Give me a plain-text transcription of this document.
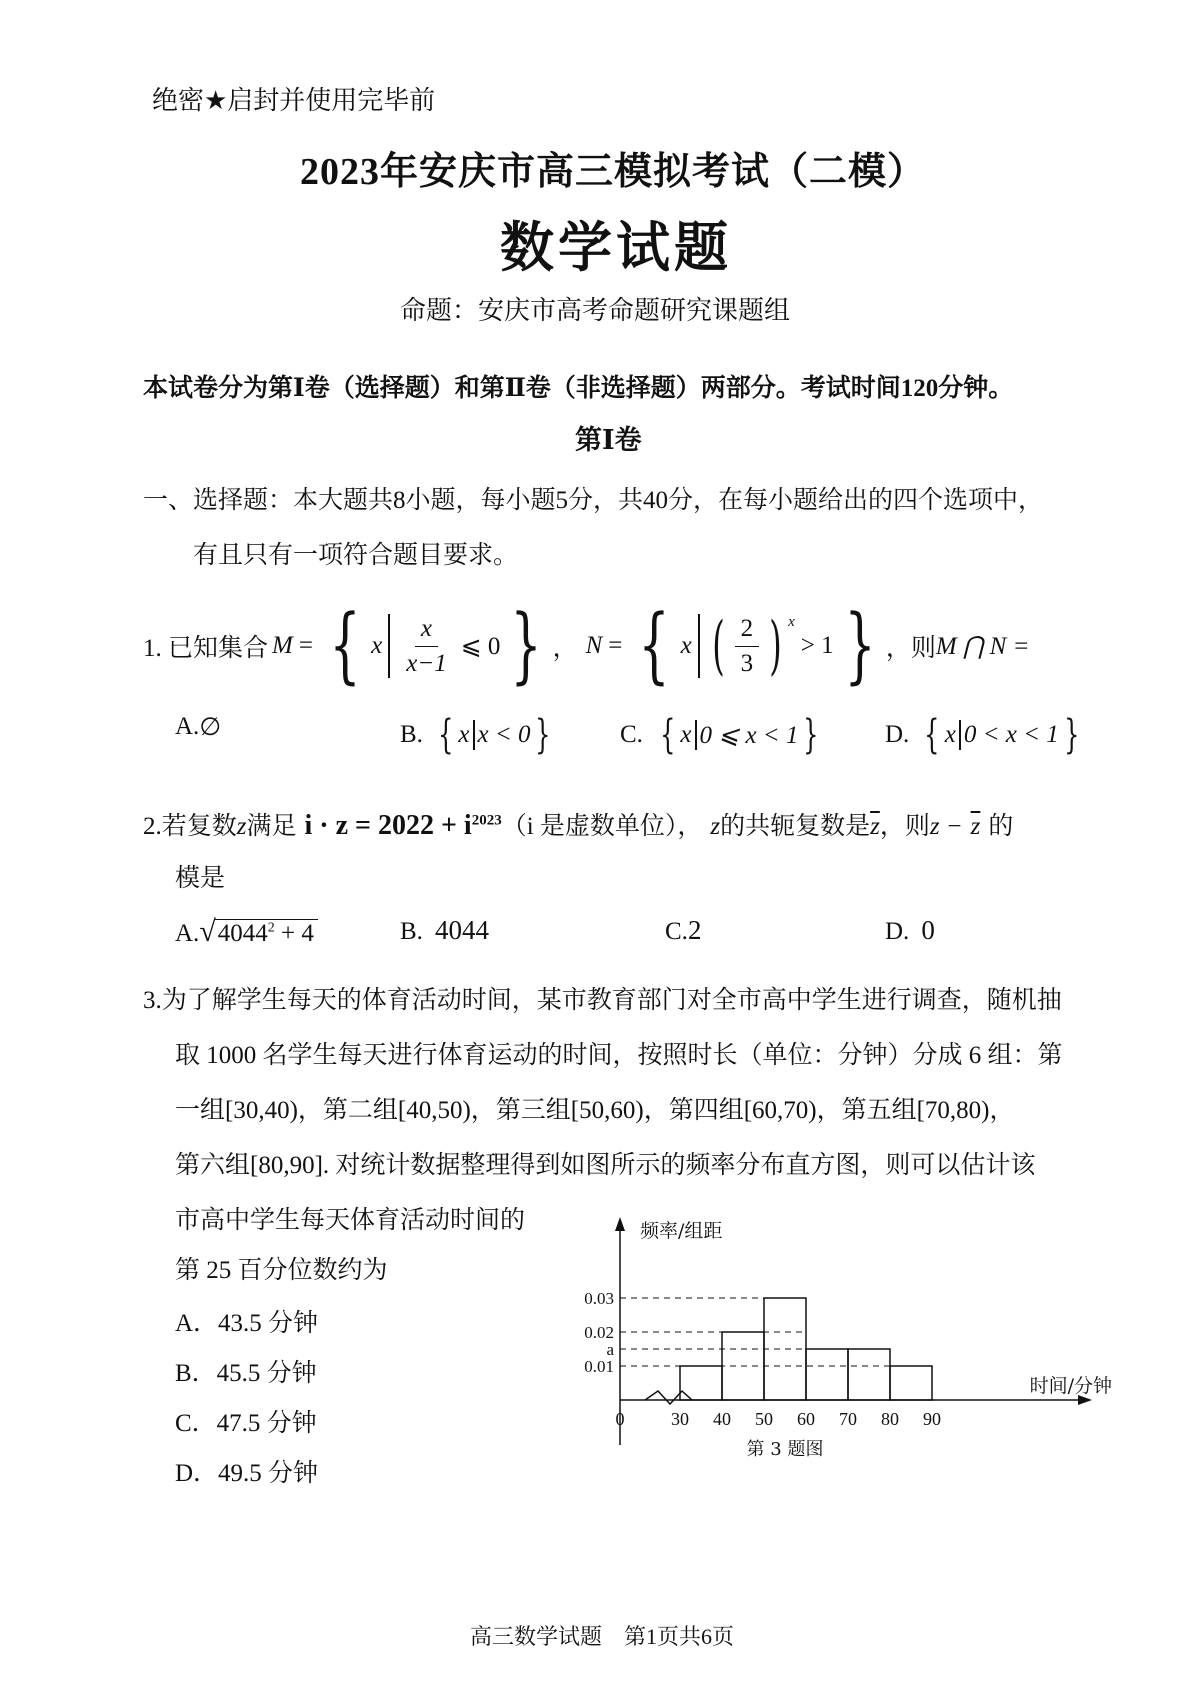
绝密★启封并使用完毕前
2023年安庆市高三模拟考试（二模）
数学试题
命题：安庆市高考命题研究课题组
本试卷分为第Ⅰ卷（选择题）和第Ⅱ卷（非选择题）两部分。考试时间120分钟。
第Ⅰ卷
一、选择题：本大题共8小题，每小题5分，共40分，在每小题给出的四个选项中，
有且只有一项符合题目要求。
1. 已知集合 M = { x $\frac{x}{x-1}$ ⩽ 0 } ， N = { x ( $\frac{2}{3}$ ) $^x$
> 1 } ，则 M ⋂ N =
A. ∅	B. { x x < 0 }	C. { x 0 ⩽ x < 1 }	D. { x 0 < x < 1 }
2.若复数z满足 $i \cdot z = 2022 + i^{2023}(i$ 是虚数单位）， z的共轭复数是$\overline{z}$，则$z - \overline{z}$ 的
模是
$A.√4044^2 + 4$	B. 4044	C.2	D. 0
3.为了解学生每天的体育活动时间，某市教育部门对全市高中学生进行调查，随机抽
取 1000 名学生每天进行体育运动的时间，按照时长（单位：分钟）分成 6 组：第
一组[30,40)，第二组[40,50)，第三组[50,60)，第四组[60,70)，第五组[70,80)，
第六组[80,90]. 对统计数据整理得到如图所示的频率分布直方图，则可以估计该
市高中学生每天体育活动时间的
第 25 百分位数约为
A．43.5 分钟
B．45.5 分钟
C．47.5 分钟
D．49.5 分钟
0.03
0.02
a
0.01
30 40 50 60 70 80 90
0
频率/组距
时间/分钟
第 3 题图
高三数学试题　第1页共6页
